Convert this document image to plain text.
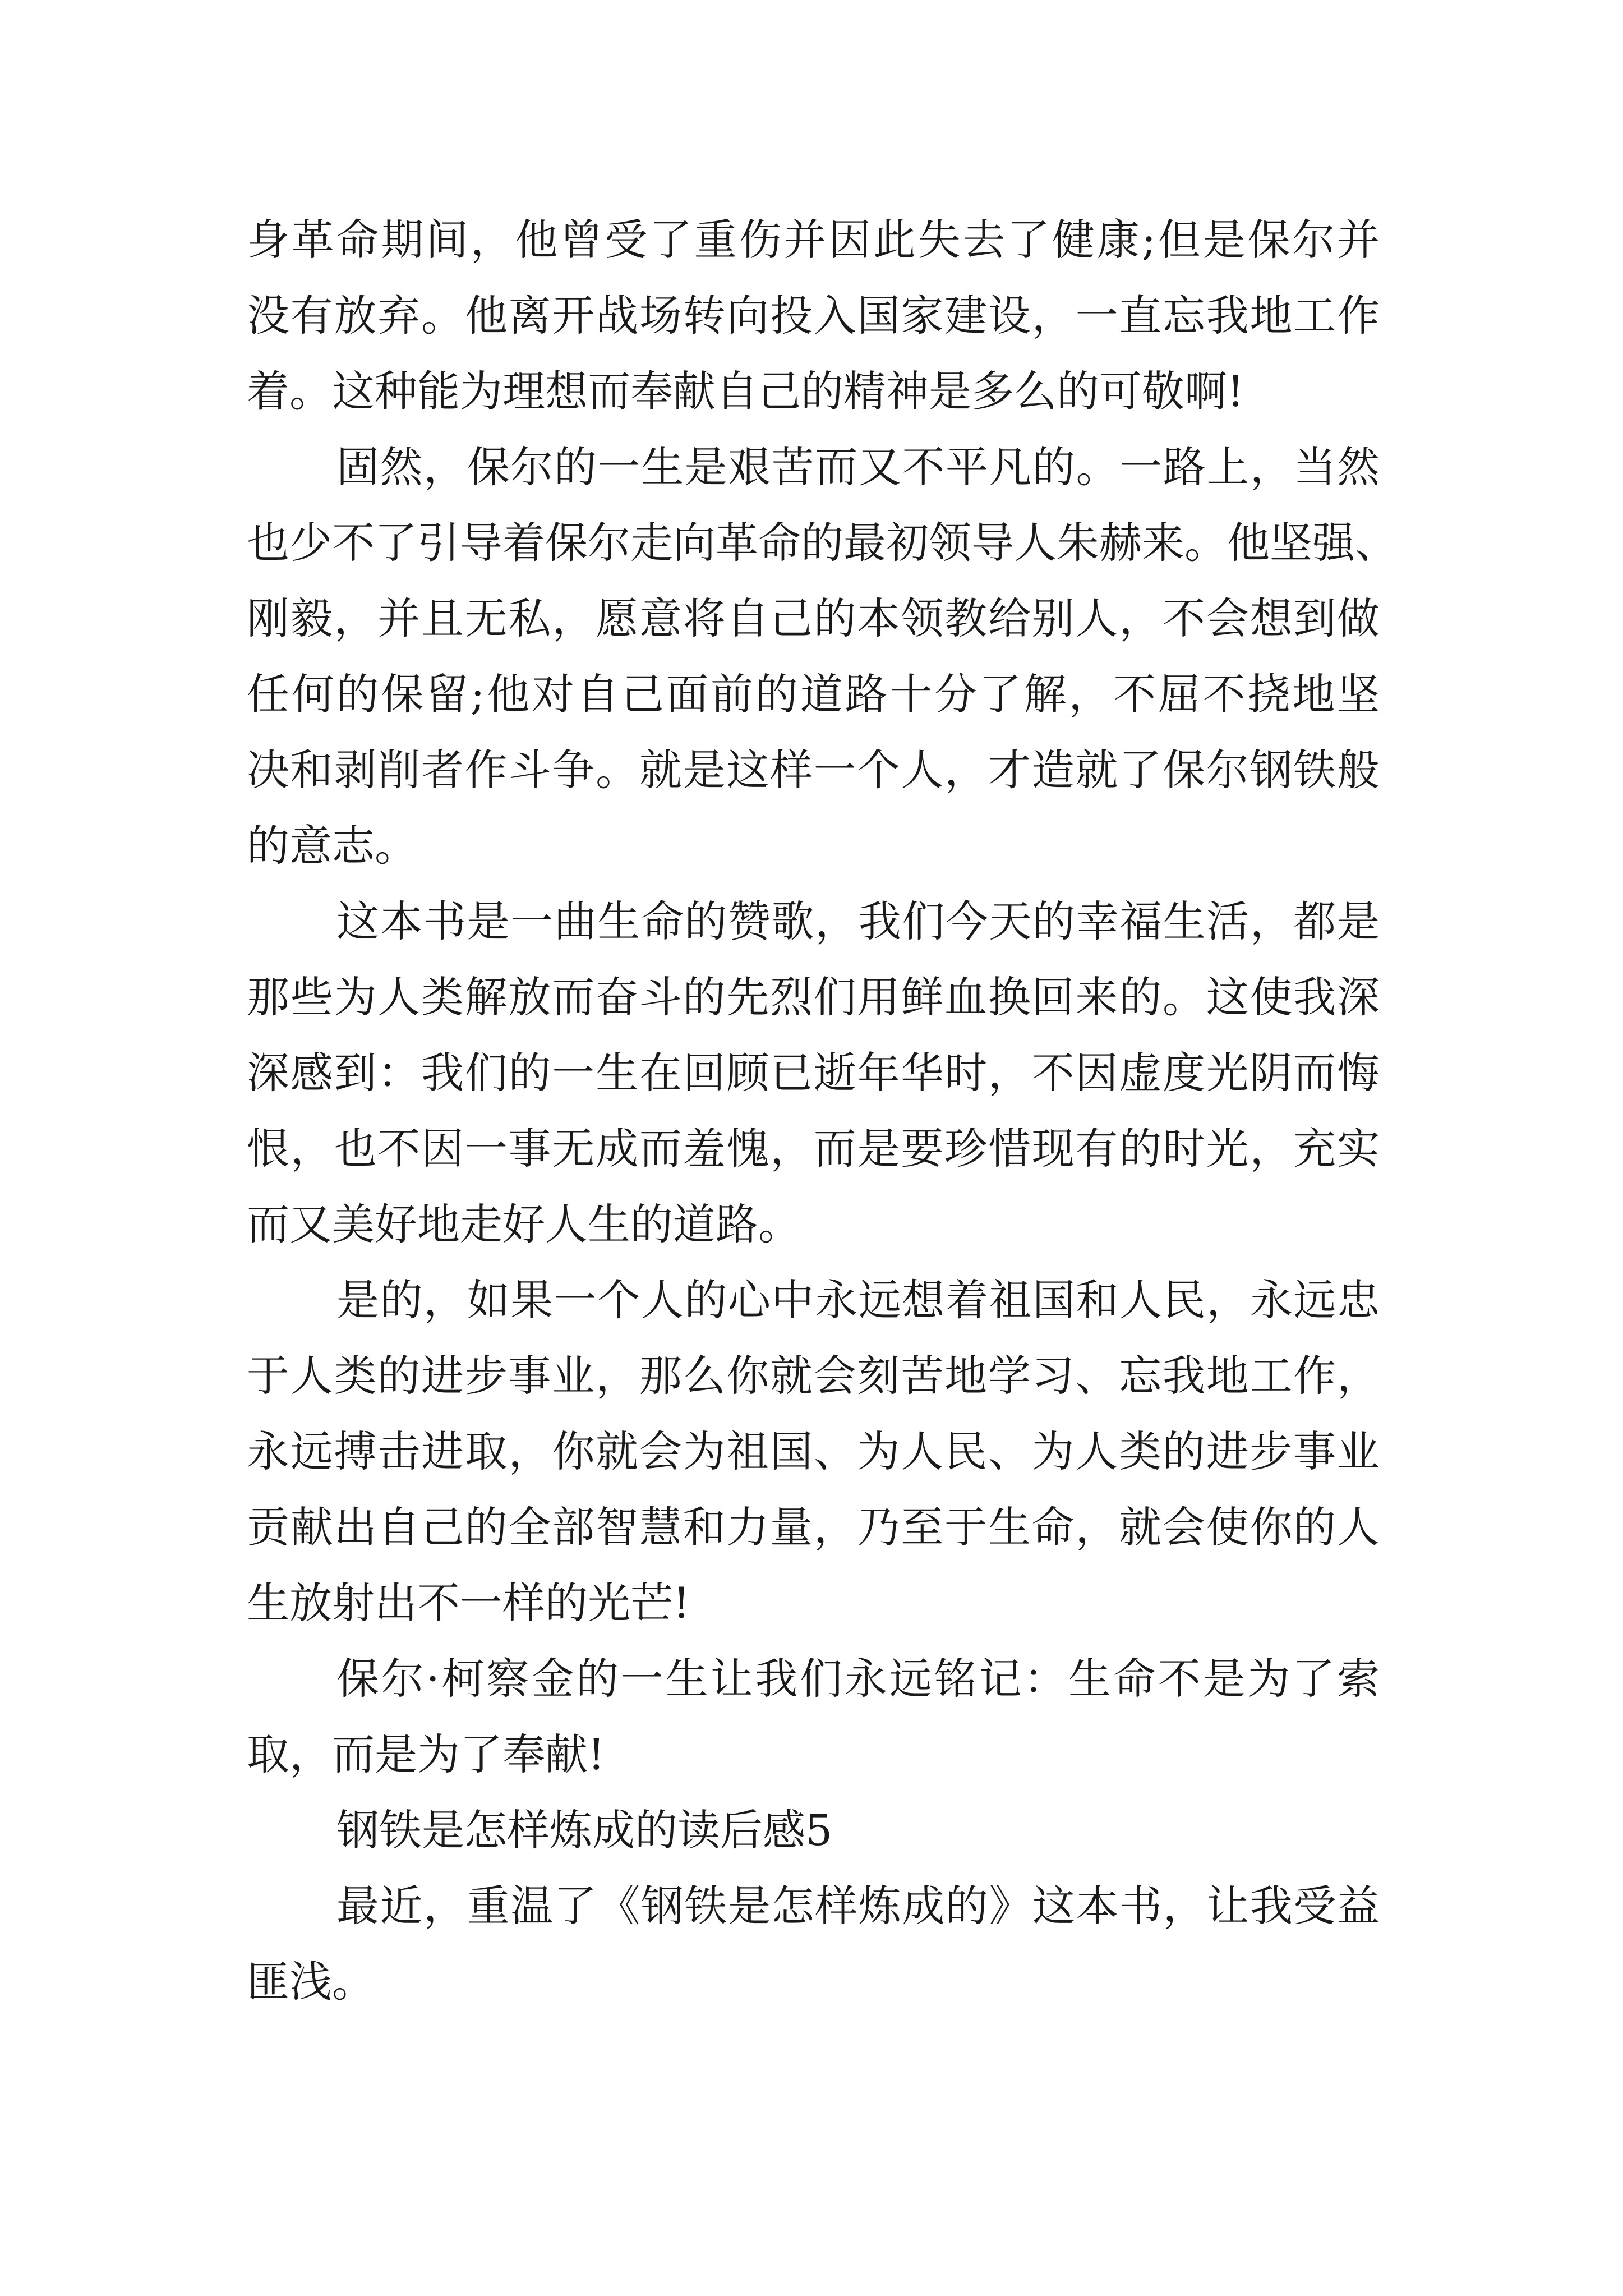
身革命期间，他曾受了重伤并因此失去了健康;但是保尔并
没有放弃。他离开战场转向投入国家建设，一直忘我地工作
着。这种能为理想而奉献自己的精神是多么的可敬啊!
固然，保尔的一生是艰苦而又不平凡的。一路上，当然
也少不了引导着保尔走向革命的最初领导人朱赫来。他坚强、
刚毅，并且无私，愿意将自己的本领教给别人，不会想到做
任何的保留;他对自己面前的道路十分了解，不屈不挠地坚
决和剥削者作斗争。就是这样一个人，才造就了保尔钢铁般
的意志。
这本书是一曲生命的赞歌，我们今天的幸福生活，都是
那些为人类解放而奋斗的先烈们用鲜血换回来的。这使我深
深感到：我们的一生在回顾已逝年华时，不因虚度光阴而悔
恨，也不因一事无成而羞愧，而是要珍惜现有的时光，充实
而又美好地走好人生的道路。
是的，如果一个人的心中永远想着祖国和人民，永远忠
于人类的进步事业，那么你就会刻苦地学习、忘我地工作，
永远搏击进取，你就会为祖国、为人民、为人类的进步事业
贡献出自己的全部智慧和力量，乃至于生命，就会使你的人
生放射出不一样的光芒!
保尔·柯察金的一生让我们永远铭记：生命不是为了索
取，而是为了奉献!
钢铁是怎样炼成的读后感5
最近，重温了《钢铁是怎样炼成的》这本书，让我受益
匪浅。
